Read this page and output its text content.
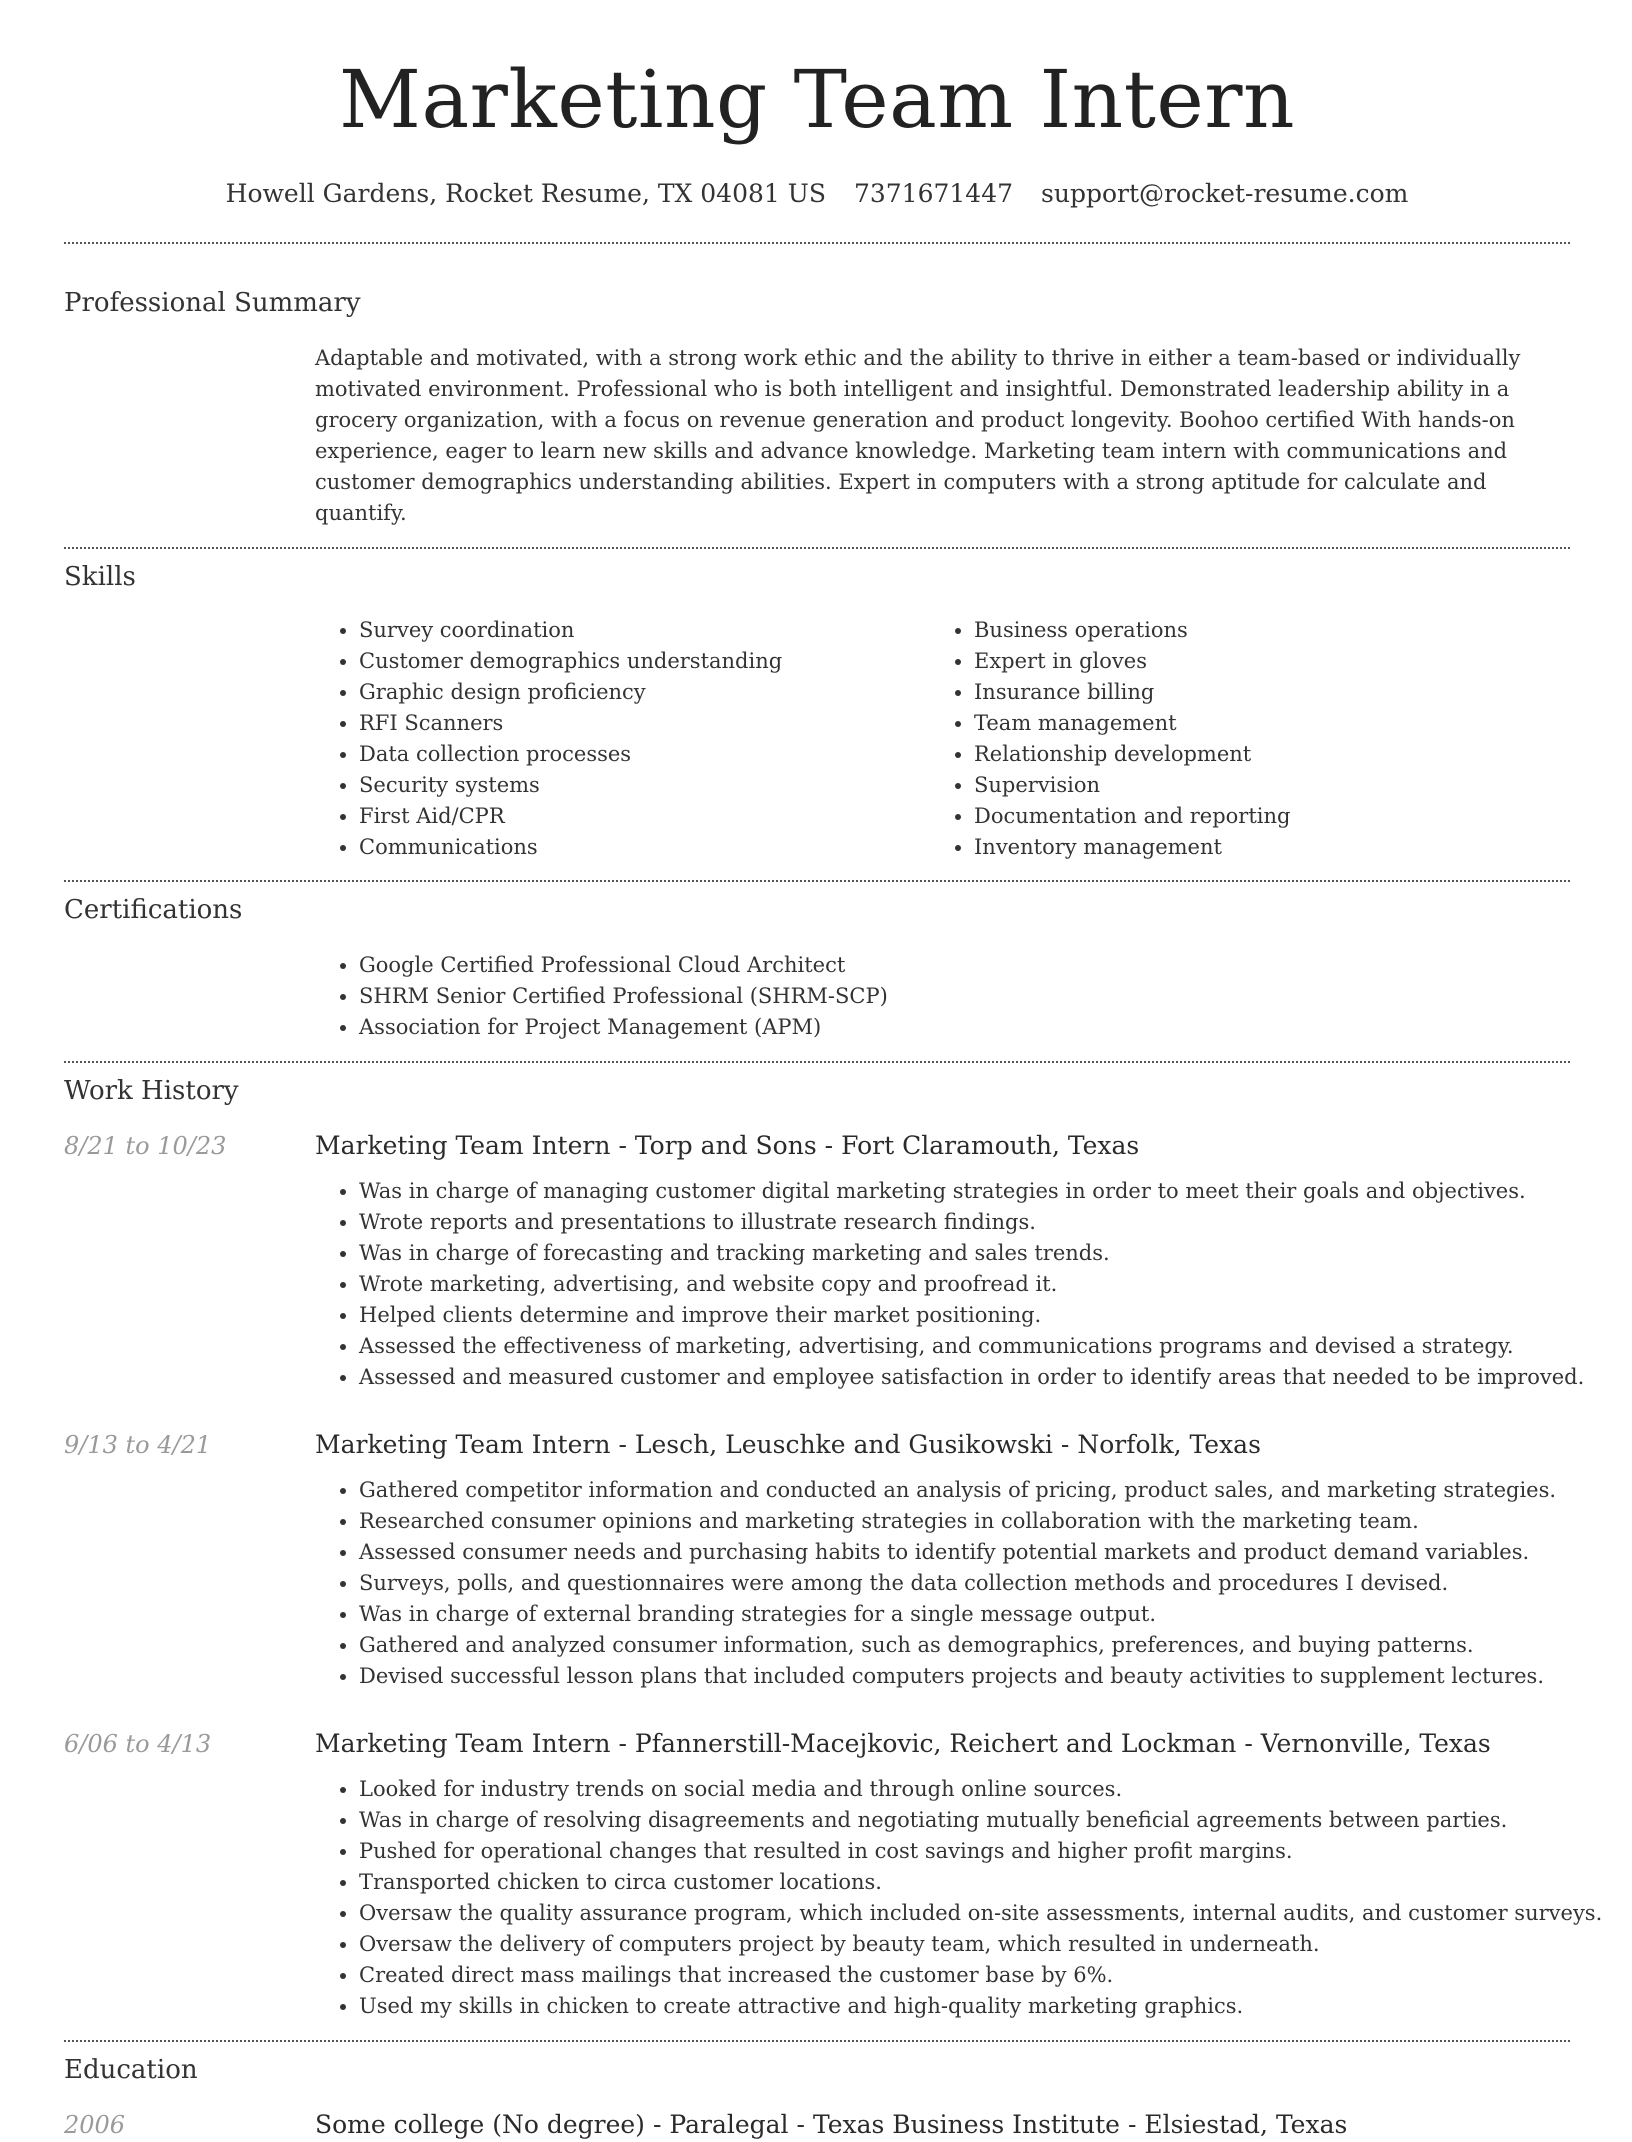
Marketing Team Intern
Howell Gardens, Rocket Resume, TX 04081 US 7371671447 support@rocket-resume.com
Professional Summary

Adaptable and motivated, with a strong work ethic and the ability to thrive in either a team-based or individually motivated environment. Professional who is both intelligent and insightful. Demonstrated leadership ability in a grocery organization, with a focus on revenue generation and product longevity. Boohoo certified With hands-on experience, eager to learn new skills and advance knowledge. Marketing team intern with communications and customer demographics understanding abilities. Expert in computers with a strong aptitude for calculate and quantify.

Skills
• Survey coordination
• Customer demographics understanding
• Graphic design proficiency
• RFI Scanners
• Data collection processes
• Security systems
• First Aid/CPR
• Communications
• Business operations
• Expert in gloves
• Insurance billing
• Team management
• Relationship development
• Supervision
• Documentation and reporting
• Inventory management
Certifications
• Google Certified Professional Cloud Architect
• SHRM Senior Certified Professional (SHRM-SCP)
• Association for Project Management (APM)
Work History
8/21 to 10/23	Marketing Team Intern - Torp and Sons - Fort Claramouth, Texas
• Was in charge of managing customer digital marketing strategies in order to meet their goals and objectives.
• Wrote reports and presentations to illustrate research findings.
• Was in charge of forecasting and tracking marketing and sales trends.
• Wrote marketing, advertising, and website copy and proofread it.
• Helped clients determine and improve their market positioning.
• Assessed the effectiveness of marketing, advertising, and communications programs and devised a strategy.
• Assessed and measured customer and employee satisfaction in order to identify areas that needed to be improved.
9/13 to 4/21	Marketing Team Intern - Lesch, Leuschke and Gusikowski - Norfolk, Texas
• Gathered competitor information and conducted an analysis of pricing, product sales, and marketing strategies.
• Researched consumer opinions and marketing strategies in collaboration with the marketing team.
• Assessed consumer needs and purchasing habits to identify potential markets and product demand variables.
• Surveys, polls, and questionnaires were among the data collection methods and procedures I devised.
• Was in charge of external branding strategies for a single message output.
• Gathered and analyzed consumer information, such as demographics, preferences, and buying patterns.
• Devised successful lesson plans that included computers projects and beauty activities to supplement lectures.
6/06 to 4/13	Marketing Team Intern - Pfannerstill-Macejkovic, Reichert and Lockman - Vernonville, Texas
• Looked for industry trends on social media and through online sources.
• Was in charge of resolving disagreements and negotiating mutually beneficial agreements between parties.
• Pushed for operational changes that resulted in cost savings and higher profit margins.
• Transported chicken to circa customer locations.
• Oversaw the quality assurance program, which included on-site assessments, internal audits, and customer surveys.
• Oversaw the delivery of computers project by beauty team, which resulted in underneath.
• Created direct mass mailings that increased the customer base by 6%.
• Used my skills in chicken to create attractive and high-quality marketing graphics.
Education
2006	Some college (No degree) - Paralegal - Texas Business Institute - Elsiestad, Texas
